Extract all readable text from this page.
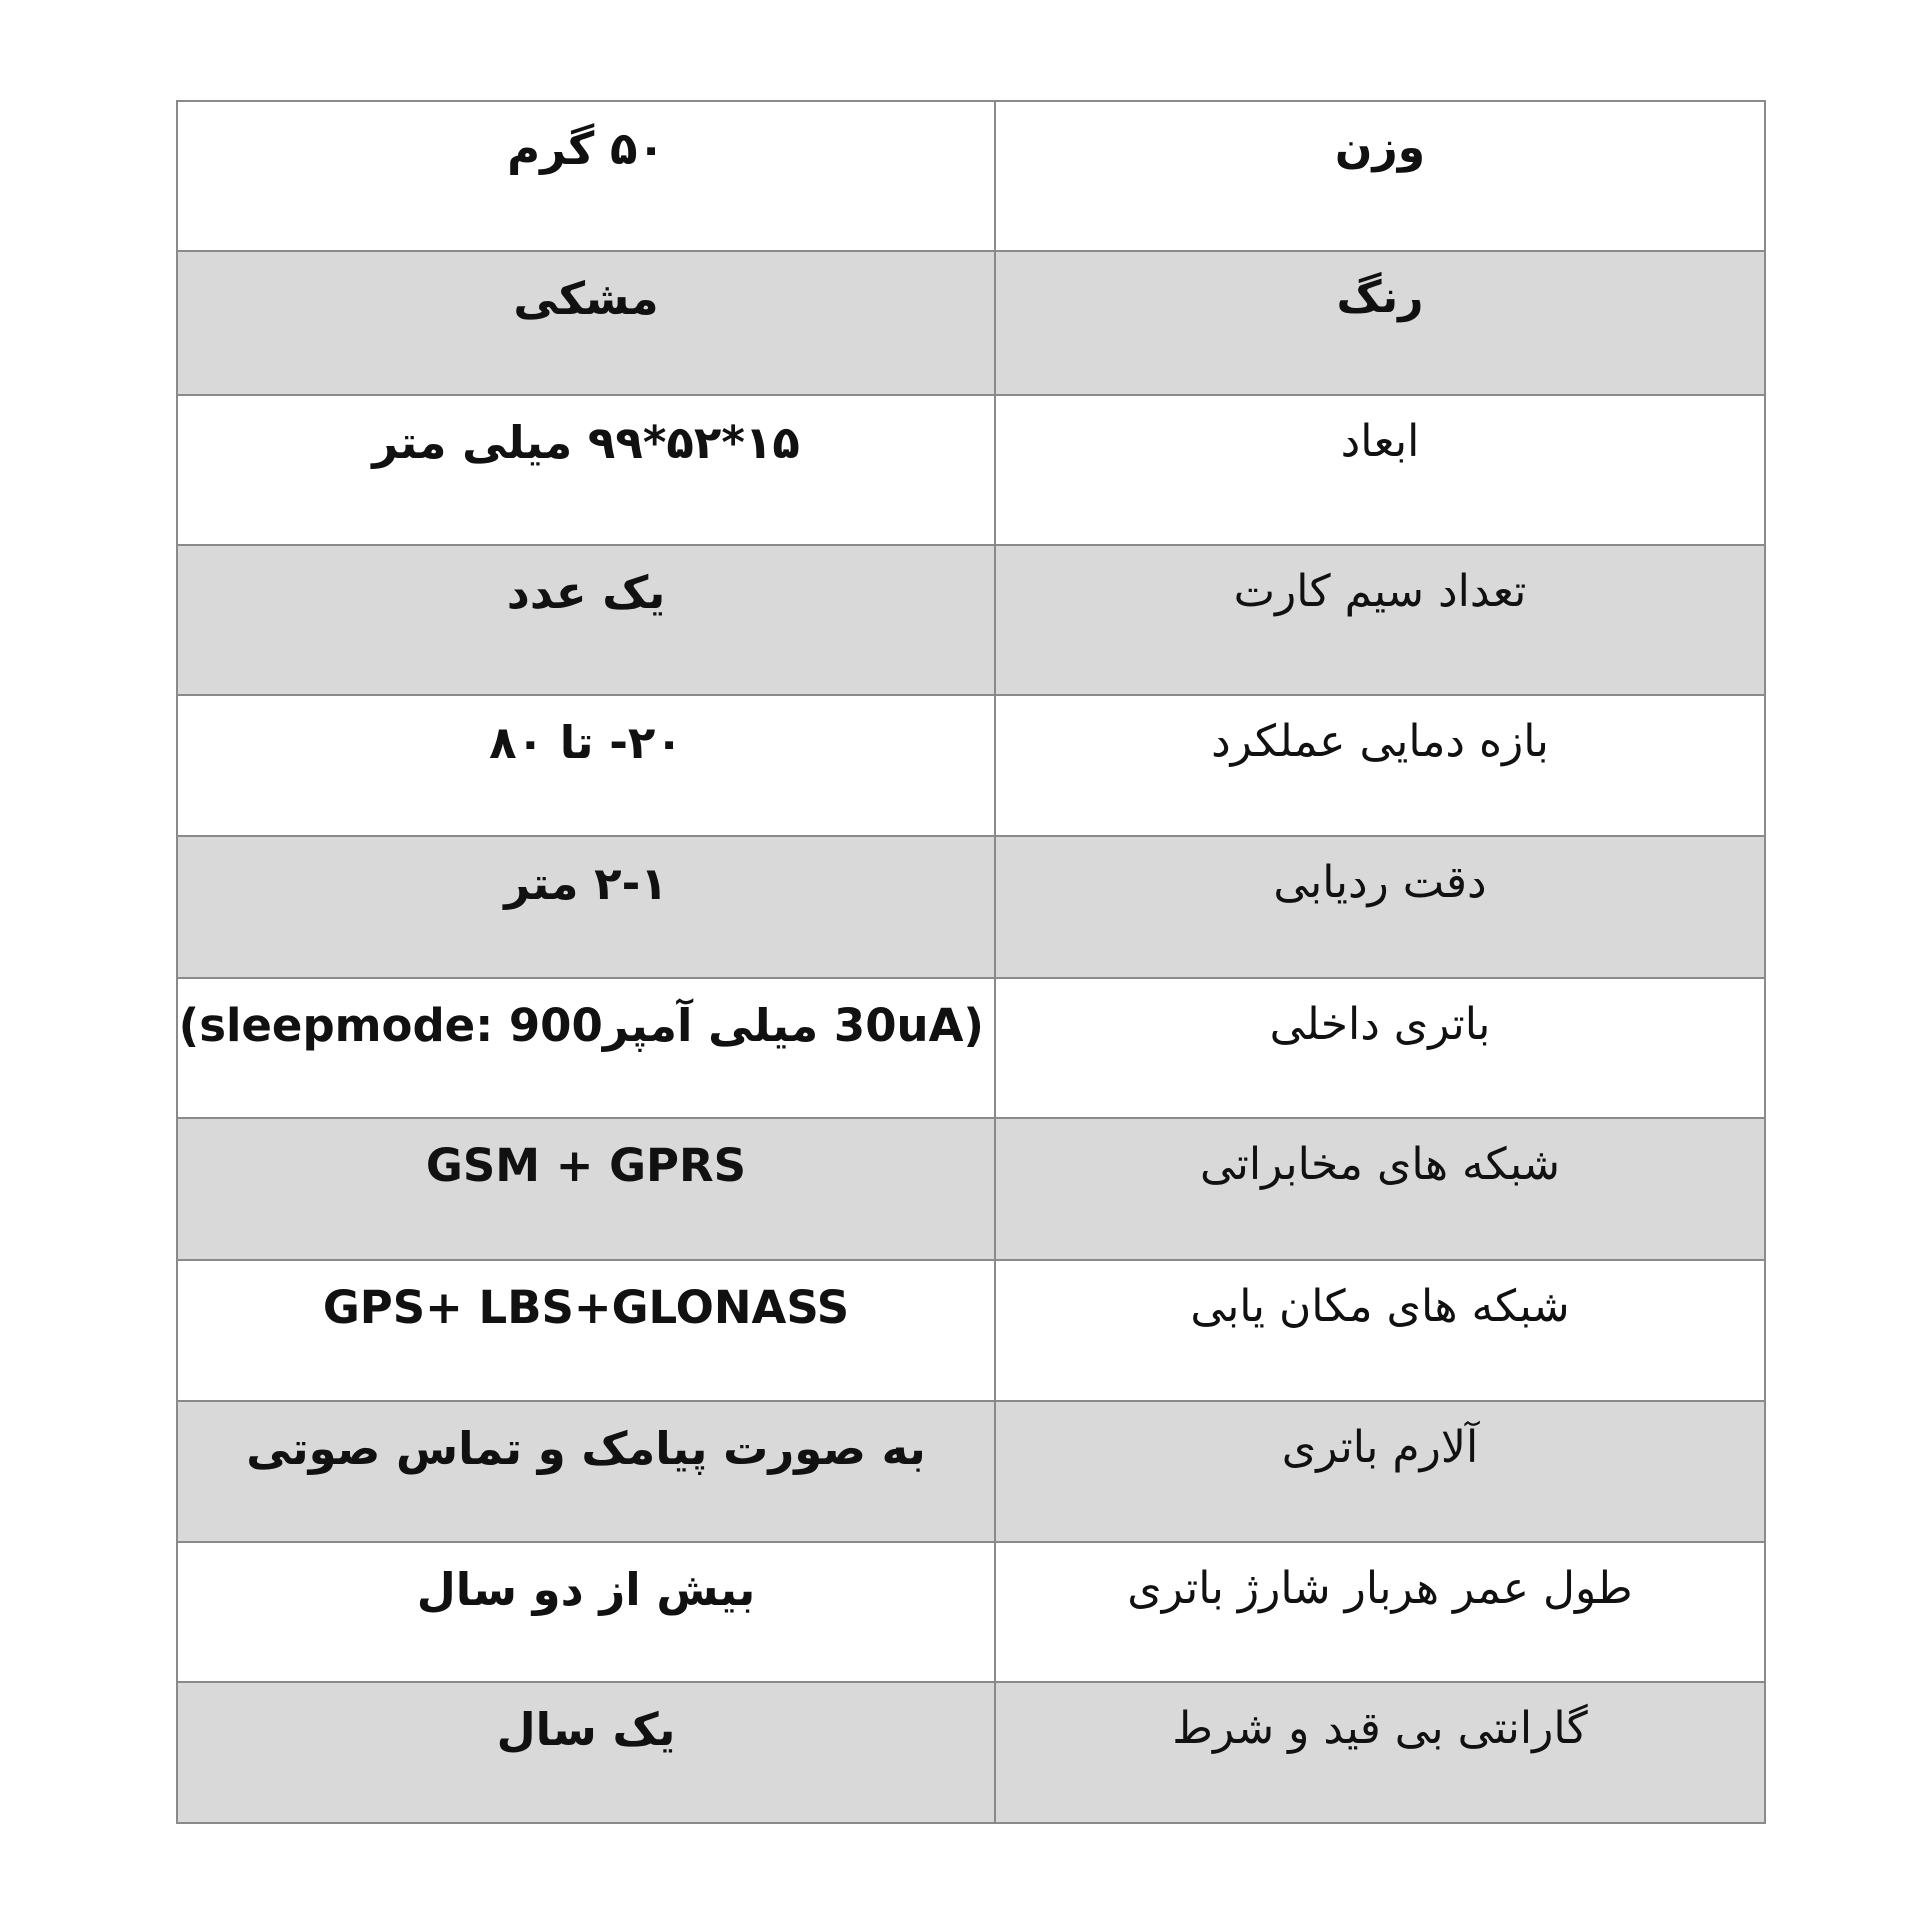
وزن	۵۰ گرم
رنگ	مشکی
ابعاد	۱۵*۵۲*۹۹ میلی متر
تعداد سیم کارت	یک عدد
بازه دمایی عملکرد	۲۰- تا ۸۰
دقت ردیابی	۲-۱ متر
باتری داخلی	(30uA میلی آمپر900 :sleepmode)
شبکه های مخابراتی	GSM + GPRS
شبکه های مکان یابی	GPS+ LBS+GLONASS
آلارم باتری	به صورت پیامک و تماس صوتی
طول عمر هربار شارژ باتری	بیش از دو سال
گارانتی بی قید و شرط	یک سال
